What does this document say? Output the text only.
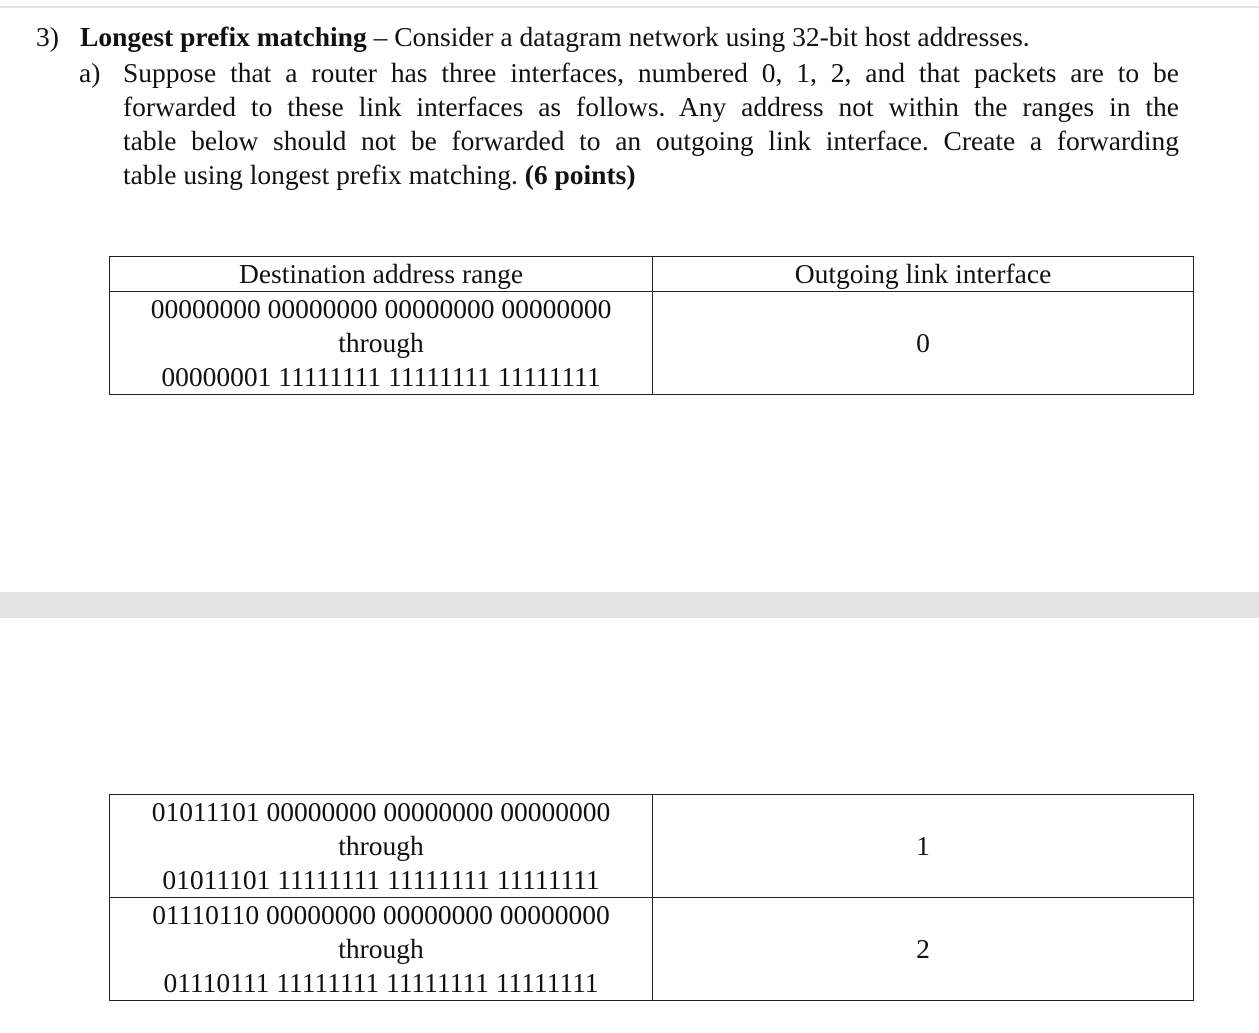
3) Longest prefix matching – Consider a datagram network using 32-bit host addresses.
a) Suppose that a router has three interfaces, numbered 0, 1, 2, and that packets are to be
forwarded to these link interfaces as follows. Any address not within the ranges in the
table below should not be forwarded to an outgoing link interface. Create a forwarding
table using longest prefix matching. (6 points)
Destination address range	Outgoing link interface

00000000 00000000 00000000 00000000
through
00000001 11111111 11111111 11111111	0
01011101 00000000 00000000 00000000
through
01011101 11111111 11111111 11111111	1

01110110 00000000 00000000 00000000
through
01110111 11111111 11111111 11111111	2
